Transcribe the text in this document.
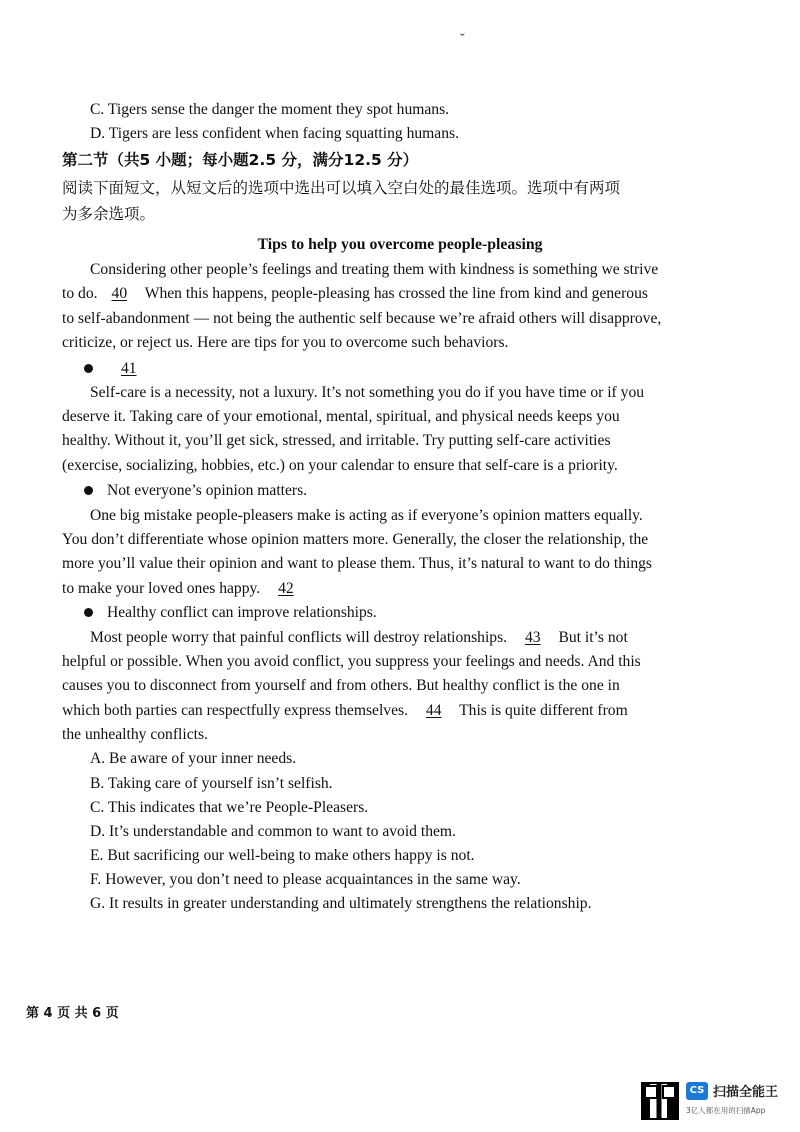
ˇ
C. Tigers sense the danger the moment they spot humans.
D. Tigers are less confident when facing squatting humans.
第二节（共5 小题；每小题2.5 分，满分12.5 分）
阅读下面短文，从短文后的选项中选出可以填入空白处的最佳选项。选项中有两项
为多余选项。
Tips to help you overcome people-pleasing
Considering other people’s feelings and treating them with kindness is something we strive
to do. 40 When this happens, people-pleasing has crossed the line from kind and generous
to self-abandonment — not being the authentic self because we’re afraid others will disapprove,
criticize, or reject us. Here are tips for you to overcome such behaviors.
41
Self-care is a necessity, not a luxury. It’s not something you do if you have time or if you
deserve it. Taking care of your emotional, mental, spiritual, and physical needs keeps you
healthy. Without it, you’ll get sick, stressed, and irritable. Try putting self-care activities
(exercise, socializing, hobbies, etc.) on your calendar to ensure that self-care is a priority.
Not everyone’s opinion matters.
One big mistake people-pleasers make is acting as if everyone’s opinion matters equally.
You don’t differentiate whose opinion matters more. Generally, the closer the relationship, the
more you’ll value their opinion and want to please them. Thus, it’s natural to want to do things
to make your loved ones happy. 42
Healthy conflict can improve relationships.
Most people worry that painful conflicts will destroy relationships. 43 But it’s not
helpful or possible. When you avoid conflict, you suppress your feelings and needs. And this
causes you to disconnect from yourself and from others. But healthy conflict is the one in
which both parties can respectfully express themselves. 44 This is quite different from
the unhealthy conflicts.
A. Be aware of your inner needs.
B. Taking care of yourself isn’t selfish.
C. This indicates that we’re People-Pleasers.
D. It’s understandable and common to want to avoid them.
E. But sacrificing our well-being to make others happy is not.
F. However, you don’t need to please acquaintances in the same way.
G. It results in greater understanding and ultimately strengthens the relationship.
第 4 页 共 6 页
CS 扫描全能王
3亿人都在用的扫描App
